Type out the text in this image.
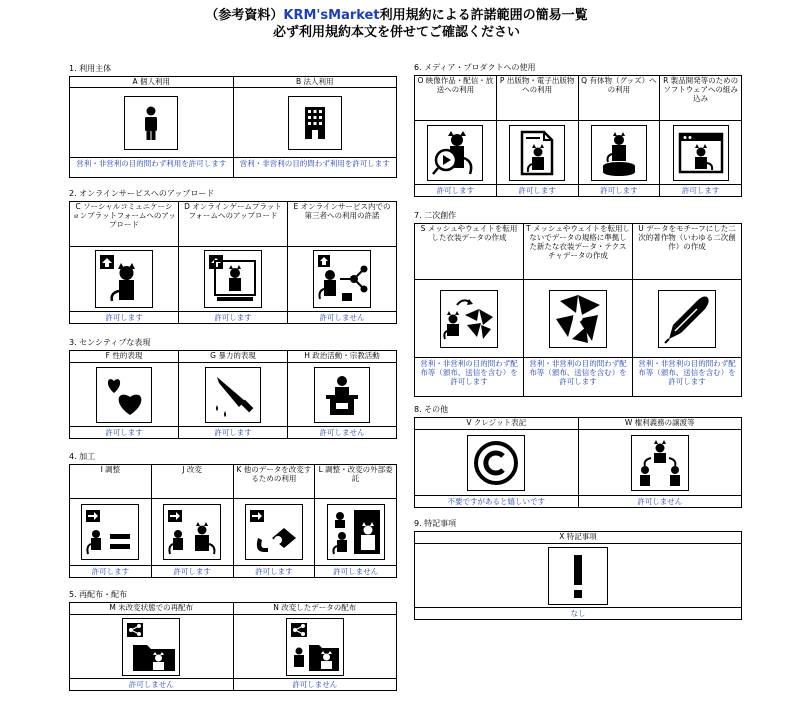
（参考資料）KRM'sMarket利用規約による許諾範囲の簡易一覧
必ず利用規約本文を併せてご確認ください
1. 利用主体
A 個人利用
営利・非営利の目的問わず利用を許可します
B 法人利用
営利・非営利の目的問わず利用を許可します
2. オンラインサービスへのアップロード
C ソーシャルコミュニケーションプラットフォームへのアップロード
許可します
D オンラインゲームプラットフォームへのアップロード
許可します
E オンラインサービス内での第三者への利用の許諾
許可しません
3. センシティブな表現
F 性的表現
許可します
G 暴力的表現
許可します
H 政治活動・宗教活動
許可しません
4. 加工
I 調整
許可します
J 改変
許可します
K 他のデータを改変するための利用
許可します
L 調整・改変の外部委託
許可しません
5. 再配布・配布
M 未改変状態での再配布
許可しません
N 改変したデータの配布
許可しません
6. メディア・プロダクトへの使用
O 映像作品・配信・放送への利用
許可します
P 出版物・電子出版物への利用
許可します
Q 有体物（グッズ）への利用
許可します
R 製品開発等のためのソフトウェアへの組み込み
許可します
7. 二次創作
S メッシュやウェイトを転用した衣装データの作成
営利・非営利の目的問わず配布等（頒布、送信を含む）を許可します
T メッシュやウェイトを転用しないでデータの規格に準拠した新たな衣装データ・テクスチャデータの作成
営利・非営利の目的問わず配布等（頒布、送信を含む）を許可します
U データをモチーフにした二次的著作物（いわゆる二次創作）の作成
営利・非営利の目的問わず配布等（頒布、送信を含む）を許可します
8. その他
V クレジット表記
不要ですがあると嬉しいです
W 権利義務の譲渡等
許可しません
9. 特記事項
X 特記事項
なし
